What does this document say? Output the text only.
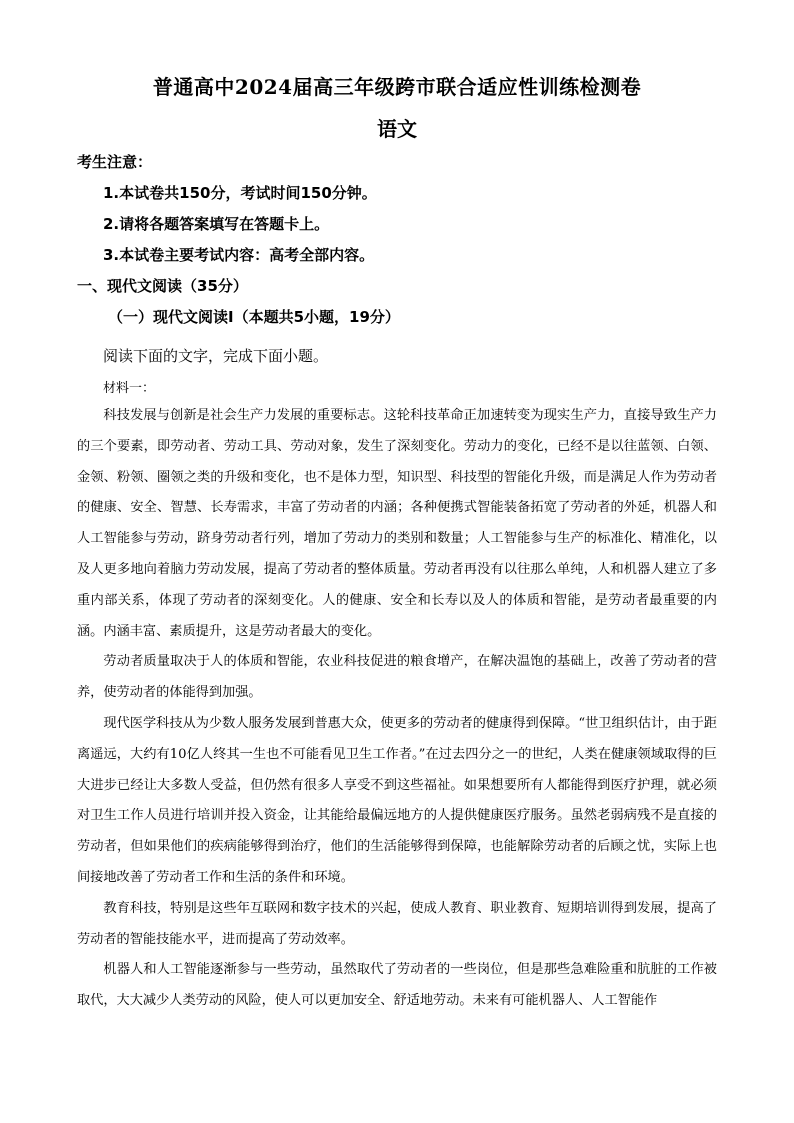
普通高中2024届高三年级跨市联合适应性训练检测卷
语文
考生注意：
1.本试卷共150分，考试时间150分钟。
2.请将各题答案填写在答题卡上。
3.本试卷主要考试内容：高考全部内容。
一、现代文阅读（35分）
（一）现代文阅读Ⅰ（本题共5小题，19分）
阅读下面的文字，完成下面小题。
材料一：

科技发展与创新是社会生产力发展的重要标志。这轮科技革命正加速转变为现实生产力，直接导致生产力的三个要素，即劳动者、劳动工具、劳动对象，发生了深刻变化。劳动力的变化，已经不是以往蓝领、白领、金领、粉领、圈领之类的升级和变化，也不是体力型，知识型、科技型的智能化升级，而是满足人作为劳动者的健康、安全、智慧、长寿需求，丰富了劳动者的内涵；各种便携式智能装备拓宽了劳动者的外延，机器人和人工智能参与劳动，跻身劳动者行列，增加了劳动力的类别和数量；人工智能参与生产的标准化、精准化，以及人更多地向着脑力劳动发展，提高了劳动者的整体质量。劳动者再没有以往那么单纯，人和机器人建立了多重内部关系，体现了劳动者的深刻变化。人的健康、安全和长寿以及人的体质和智能，是劳动者最重要的内涵。内涵丰富、素质提升，这是劳动者最大的变化。

劳动者质量取决于人的体质和智能，农业科技促进的粮食增产，在解决温饱的基础上，改善了劳动者的营养，使劳动者的体能得到加强。

现代医学科技从为少数人服务发展到普惠大众，使更多的劳动者的健康得到保障。“世卫组织估计，由于距离遥远，大约有10亿人终其一生也不可能看见卫生工作者。”在过去四分之一的世纪，人类在健康领域取得的巨大进步已经让大多数人受益，但仍然有很多人享受不到这些福祉。如果想要所有人都能得到医疗护理，就必须对卫生工作人员进行培训并投入资金，让其能给最偏远地方的人提供健康医疗服务。虽然老弱病残不是直接的劳动者，但如果他们的疾病能够得到治疗，他们的生活能够得到保障，也能解除劳动者的后顾之忧，实际上也间接地改善了劳动者工作和生活的条件和环境。

教育科技，特别是这些年互联网和数字技术的兴起，使成人教育、职业教育、短期培训得到发展，提高了劳动者的智能技能水平，进而提高了劳动效率。

机器人和人工智能逐渐参与一些劳动，虽然取代了劳动者的一些岗位，但是那些急难险重和肮脏的工作被取代，大大减少人类劳动的风险，使人可以更加安全、舒适地劳动。未来有可能机器人、人工智能作
